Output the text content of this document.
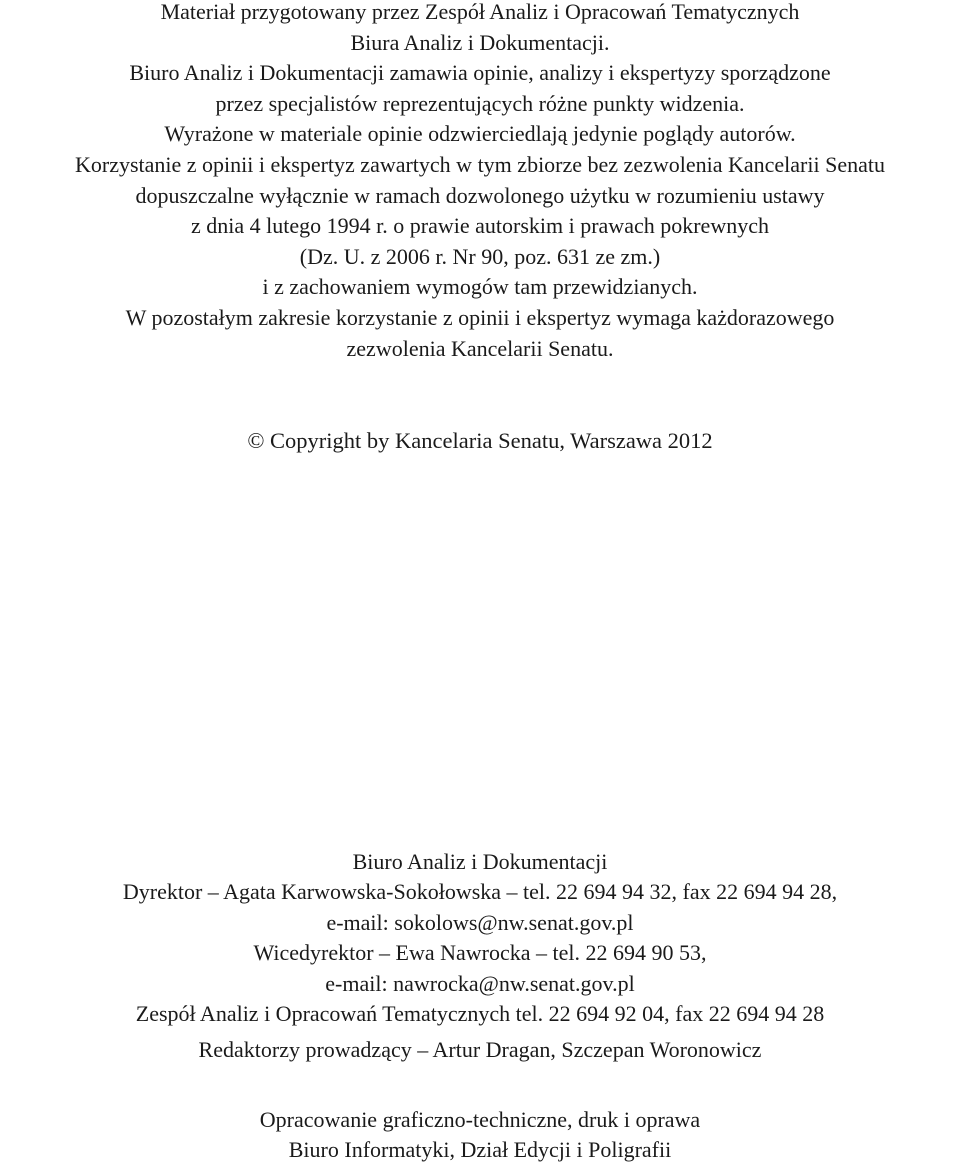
Materiał przygotowany przez Zespół Analiz i Opracowań Tematycznych
Biura Analiz i Dokumentacji.
Biuro Analiz i Dokumentacji zamawia opinie, analizy i ekspertyzy sporządzone
przez specjalistów reprezentujących różne punkty widzenia.
Wyrażone w materiale opinie odzwierciedlają jedynie poglądy autorów.
Korzystanie z opinii i ekspertyz zawartych w tym zbiorze bez zezwolenia Kancelarii Senatu
dopuszczalne wyłącznie w ramach dozwolonego użytku w rozumieniu ustawy
z dnia 4 lutego 1994 r. o prawie autorskim i prawach pokrewnych
(Dz. U. z 2006 r. Nr 90, poz. 631 ze zm.)
i z zachowaniem wymogów tam przewidzianych.
W pozostałym zakresie korzystanie z opinii i ekspertyz wymaga każdorazowego
zezwolenia Kancelarii Senatu.
© Copyright by Kancelaria Senatu, Warszawa 2012
Biuro Analiz i Dokumentacji
Dyrektor – Agata Karwowska-Sokołowska – tel. 22 694 94 32, fax 22 694 94 28,
e-mail: sokolows@nw.senat.gov.pl
Wicedyrektor – Ewa Nawrocka – tel. 22 694 90 53,
e-mail: nawrocka@nw.senat.gov.pl
Zespół Analiz i Opracowań Tematycznych tel. 22 694 92 04, fax 22 694 94 28
Redaktorzy prowadzący – Artur Dragan, Szczepan Woronowicz
Opracowanie graficzno-techniczne, druk i oprawa
Biuro Informatyki, Dział Edycji i Poligrafii
